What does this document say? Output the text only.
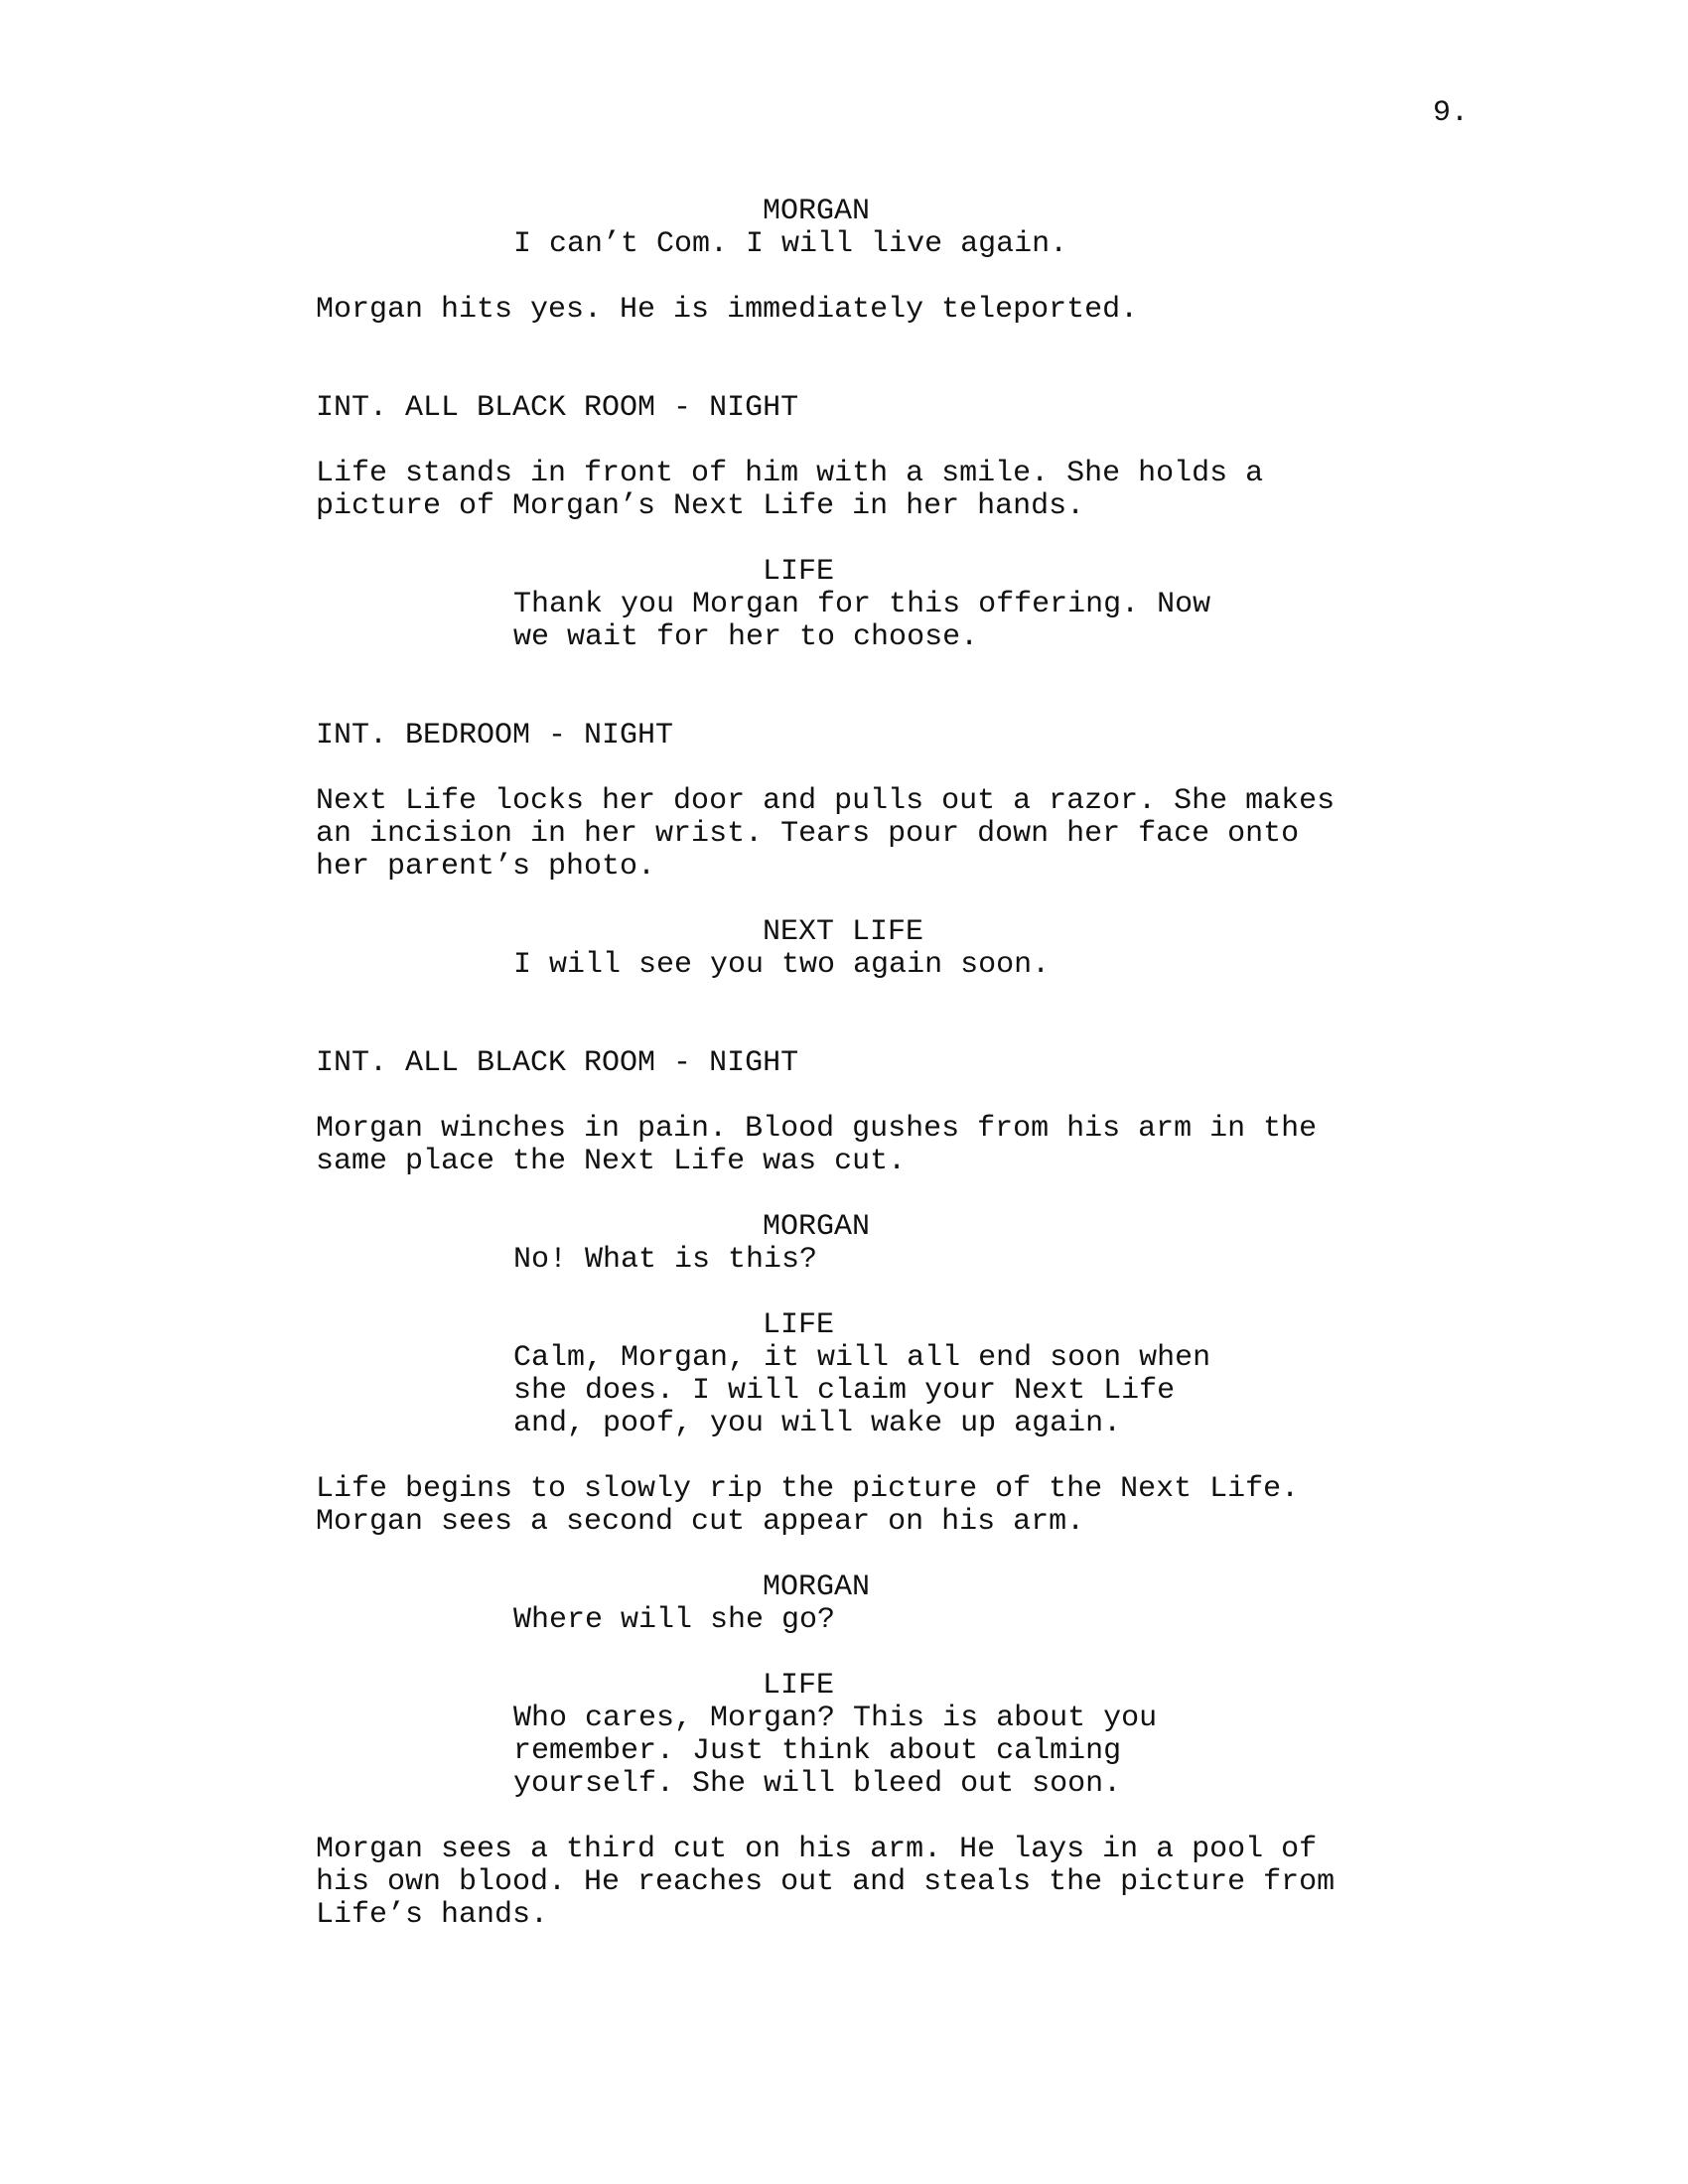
9.
MORGAN
I can’t Com. I will live again.
Morgan hits yes. He is immediately teleported.
INT. ALL BLACK ROOM - NIGHT
Life stands in front of him with a smile. She holds a
picture of Morgan’s Next Life in her hands.
LIFE
Thank you Morgan for this offering. Now
we wait for her to choose.
INT. BEDROOM - NIGHT
Next Life locks her door and pulls out a razor. She makes
an incision in her wrist. Tears pour down her face onto
her parent’s photo.
NEXT LIFE
I will see you two again soon.
INT. ALL BLACK ROOM - NIGHT
Morgan winches in pain. Blood gushes from his arm in the
same place the Next Life was cut.
MORGAN
No! What is this?
LIFE
Calm, Morgan, it will all end soon when
she does. I will claim your Next Life
and, poof, you will wake up again.
Life begins to slowly rip the picture of the Next Life.
Morgan sees a second cut appear on his arm.
MORGAN
Where will she go?
LIFE
Who cares, Morgan? This is about you
remember. Just think about calming
yourself. She will bleed out soon.
Morgan sees a third cut on his arm. He lays in a pool of
his own blood. He reaches out and steals the picture from
Life’s hands.
